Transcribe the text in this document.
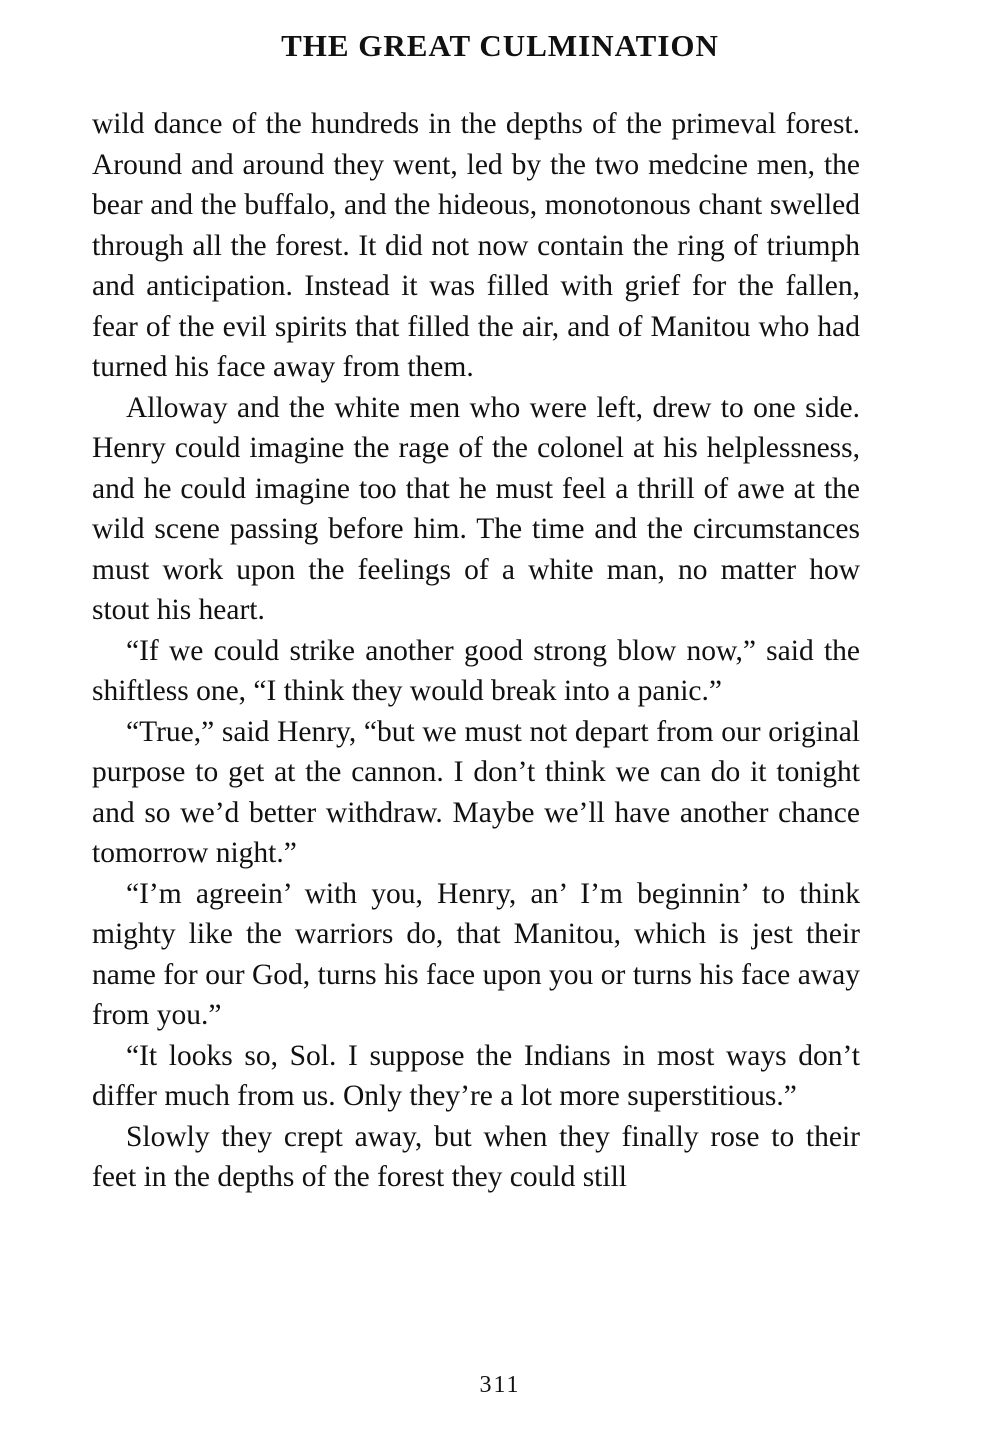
THE GREAT CULMINATION

wild dance of the hundreds in the depths of the primeval forest. Around and around they went, led by the two medcine men, the bear and the buffalo, and the hideous, monotonous chant swelled through all the forest. It did not now contain the ring of triumph and anticipation. Instead it was filled with grief for the fallen, fear of the evil spirits that filled the air, and of Manitou who had turned his face away from them.

Alloway and the white men who were left, drew to one side. Henry could imagine the rage of the colonel at his helplessness, and he could imagine too that he must feel a thrill of awe at the wild scene passing before him. The time and the circumstances must work upon the feelings of a white man, no matter how stout his heart.

“If we could strike another good strong blow now,” said the shiftless one, “I think they would break into a panic.”

“True,” said Henry, “but we must not depart from our original purpose to get at the cannon. I don’t think we can do it tonight and so we’d better withdraw. Maybe we’ll have another chance tomorrow night.”

“I’m agreein’ with you, Henry, an’ I’m beginnin’ to think mighty like the warriors do, that Manitou, which is jest their name for our God, turns his face upon you or turns his face away from you.”

“It looks so, Sol. I suppose the Indians in most ways don’t differ much from us. Only they’re a lot more superstitious.”

Slowly they crept away, but when they finally rose to their feet in the depths of the forest they could still

311
